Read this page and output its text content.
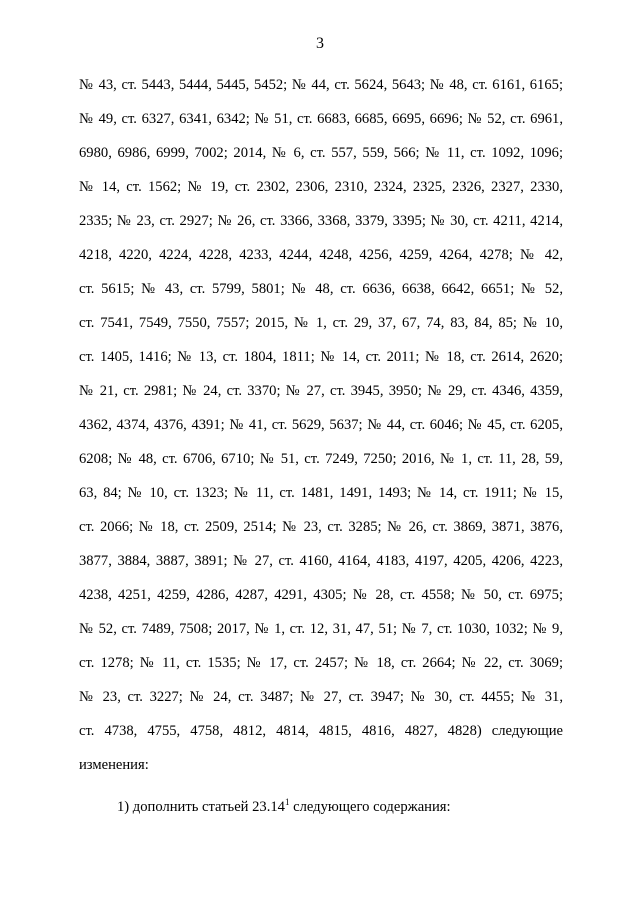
3
№ 43, ст. 5443, 5444, 5445, 5452; № 44, ст. 5624, 5643; № 48, ст. 6161, 6165;
№ 49, ст. 6327, 6341, 6342; № 51, ст. 6683, 6685, 6695, 6696; № 52, ст. 6961,
6980, 6986, 6999, 7002; 2014, № 6, ст. 557, 559, 566; № 11, ст. 1092, 1096;
№ 14, ст. 1562; № 19, ст. 2302, 2306, 2310, 2324, 2325, 2326, 2327, 2330,
2335; № 23, ст. 2927; № 26, ст. 3366, 3368, 3379, 3395; № 30, ст. 4211, 4214,
4218, 4220, 4224, 4228, 4233, 4244, 4248, 4256, 4259, 4264, 4278; № 42,
ст. 5615; № 43, ст. 5799, 5801; № 48, ст. 6636, 6638, 6642, 6651; № 52,
ст. 7541, 7549, 7550, 7557; 2015, № 1, ст. 29, 37, 67, 74, 83, 84, 85; № 10,
ст. 1405, 1416; № 13, ст. 1804, 1811; № 14, ст. 2011; № 18, ст. 2614, 2620;
№ 21, ст. 2981; № 24, ст. 3370; № 27, ст. 3945, 3950; № 29, ст. 4346, 4359,
4362, 4374, 4376, 4391; № 41, ст. 5629, 5637; № 44, ст. 6046; № 45, ст. 6205,
6208; № 48, ст. 6706, 6710; № 51, ст. 7249, 7250; 2016, № 1, ст. 11, 28, 59,
63, 84; № 10, ст. 1323; № 11, ст. 1481, 1491, 1493; № 14, ст. 1911; № 15,
ст. 2066; № 18, ст. 2509, 2514; № 23, ст. 3285; № 26, ст. 3869, 3871, 3876,
3877, 3884, 3887, 3891; № 27, ст. 4160, 4164, 4183, 4197, 4205, 4206, 4223,
4238, 4251, 4259, 4286, 4287, 4291, 4305; № 28, ст. 4558; № 50, ст. 6975;
№ 52, ст. 7489, 7508; 2017, № 1, ст. 12, 31, 47, 51; № 7, ст. 1030, 1032; № 9,
ст. 1278; № 11, ст. 1535; № 17, ст. 2457; № 18, ст. 2664; № 22, ст. 3069;
№ 23, ст. 3227; № 24, ст. 3487; № 27, ст. 3947; № 30, ст. 4455; № 31,
ст. 4738, 4755, 4758, 4812, 4814, 4815, 4816, 4827, 4828) следующие
изменения:
1) дополнить статьей 23.14$^1$ следующего содержания:
